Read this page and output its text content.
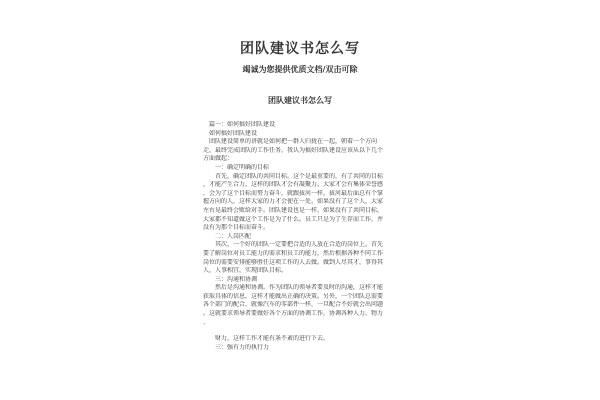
团队建议书怎么写
竭诚为您提供优质文档/双击可除
团队建议书怎么写

　篇一：如何搞好团队建设

　如何搞好团队建设

　团队建设简单的讲就是如何把一群人归拢在一起，朝着一个方向

走，最终完成团队的工作任务。我认为搞好团队建设应该从以下几个

方面做起：

　　一：确定明确的目标

　　首先，确定团队的共同目标。这个是最重要的，有了共同的目标

，才能产生合力，这样的团队才会有凝聚力。大家才会有集体荣誉感

，会为了这个目标而努力奋斗，就跟拔河一样，拔河最后面总有个掌

握方向的人，这样大家的力才会使在一处。如果没有了这个人，大家

左右晃最终会败给对手。团队建设也是一样，如果没有了共同目标，

大家都不知道做这个工作是为了什么。员工只是为了生存而工作，并

没有为那个目标而奋斗。

　　二：人岗匹配

　　其次，一个好的团队一定要把合适的人放在合适的岗位上。首先

要了解岗位对员工能力的需求和员工的能力，然后根据各种不同工作

岗位的需要安排能够胜任这项工作的人去做。做到人尽其才，事得其

人，人事相宜，实现团队目标。

　　三：沟通和协调

　　然后是沟通和协调。作为团队的领导者要及时的沟通，这样才能

获取具体的信息，这样才能做出正确的决策。另外，一个团队总需要

各个部门的配合，就像汽车的零部件一样，一旦配合不好就会出问题

。这就要求领导者要做好各个方面的协调工作，协调各种人力、物力

、

　　财力，这样工作才能有条不紊的进行下去。

　　三：强有力的执行力
